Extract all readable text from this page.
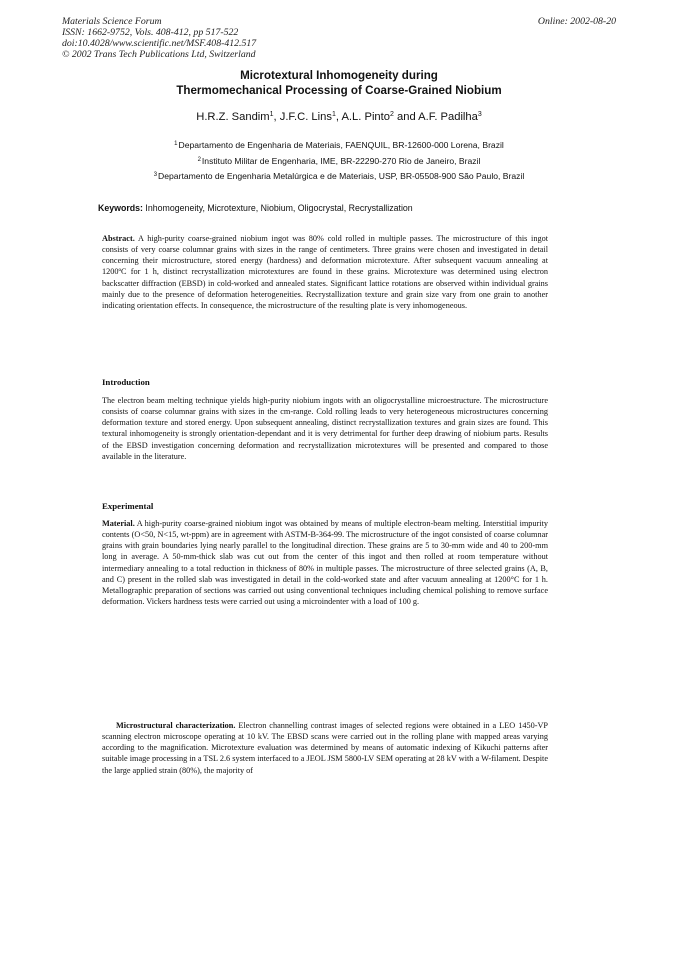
Materials Science Forum
ISSN: 1662-9752, Vols. 408-412, pp 517-522
doi:10.4028/www.scientific.net/MSF.408-412.517
© 2002 Trans Tech Publications Ltd, Switzerland
Online: 2002-08-20
Microtextural Inhomogeneity during
Thermomechanical Processing of Coarse-Grained Niobium
H.R.Z. Sandim$^1$, J.F.C. Lins$^1$, A.L. Pinto$^2$ and A.F. Padilha$^3$
$^1$Departamento de Engenharia de Materiais, FAENQUIL, BR-12600-000 Lorena, Brazil
$^2$Instituto Militar de Engenharia, IME, BR-22290-270 Rio de Janeiro, Brazil
$^3$Departamento de Engenharia Metalúrgica e de Materiais, USP, BR-05508-900 São Paulo, Brazil
Keywords: Inhomogeneity, Microtexture, Niobium, Oligocrystal, Recrystallization
Abstract. A high-purity coarse-grained niobium ingot was 80% cold rolled in multiple passes. The microstructure of this ingot consists of very coarse columnar grains with sizes in the range of centimeters. Three grains were chosen and investigated in detail concerning their microstructure, stored energy (hardness) and deformation microtexture. After subsequent vacuum annealing at 1200ºC for 1 h, distinct recrystallization microtextures are found in these grains. Microtexture was determined using electron backscatter diffraction (EBSD) in cold-worked and annealed states. Significant lattice rotations are observed within individual grains mainly due to the presence of deformation heterogeneities. Recrystallization texture and grain size vary from one grain to another indicating orientation effects. In consequence, the microstructure of the resulting plate is very inhomogeneous.
Introduction
The electron beam melting technique yields high-purity niobium ingots with an oligocrystalline microestructure. The microstructure consists of coarse columnar grains with sizes in the cm-range. Cold rolling leads to very heterogeneous microstructures concerning deformation texture and stored energy. Upon subsequent annealing, distinct recrystallization textures and grain sizes are found. This textural inhomogeneity is strongly orientation-dependant and it is very detrimental for further deep drawing of niobium parts. Results of the EBSD investigation concerning deformation and recrystallization microtextures will be presented and compared to those available in the literature.
Experimental
Material. A high-purity coarse-grained niobium ingot was obtained by means of multiple electron-beam melting. Interstitial impurity contents (O<50, N<15, wt-ppm) are in agreement with ASTM-B-364-99. The microstructure of the ingot consisted of coarse columnar grains with grain boundaries lying nearly parallel to the longitudinal direction. These grains are 5 to 30-mm wide and 40 to 200-mm long in average. A 50-mm-thick slab was cut out from the center of this ingot and then rolled at room temperature without intermediary annealing to a total reduction in thickness of 80% in multiple passes. The microstructure of three selected grains (A, B, and C) present in the rolled slab was investigated in detail in the cold-worked state and after vacuum annealing at 1200°C for 1 h. Metallographic preparation of sections was carried out using conventional techniques including chemical polishing to remove surface deformation. Vickers hardness tests were carried out using a microindenter with a load of 100 g.
Microstructural characterization. Electron channelling contrast images of selected regions were obtained in a LEO 1450-VP scanning electron microscope operating at 10 kV. The EBSD scans were carried out in the rolling plane with mapped areas varying according to the magnification. Microtexture evaluation was determined by means of automatic indexing of Kikuchi patterns after suitable image processing in a TSL 2.6 system interfaced to a JEOL JSM 5800-LV SEM operating at 28 kV with a W-filament. Despite the large applied strain (80%), the majority of
